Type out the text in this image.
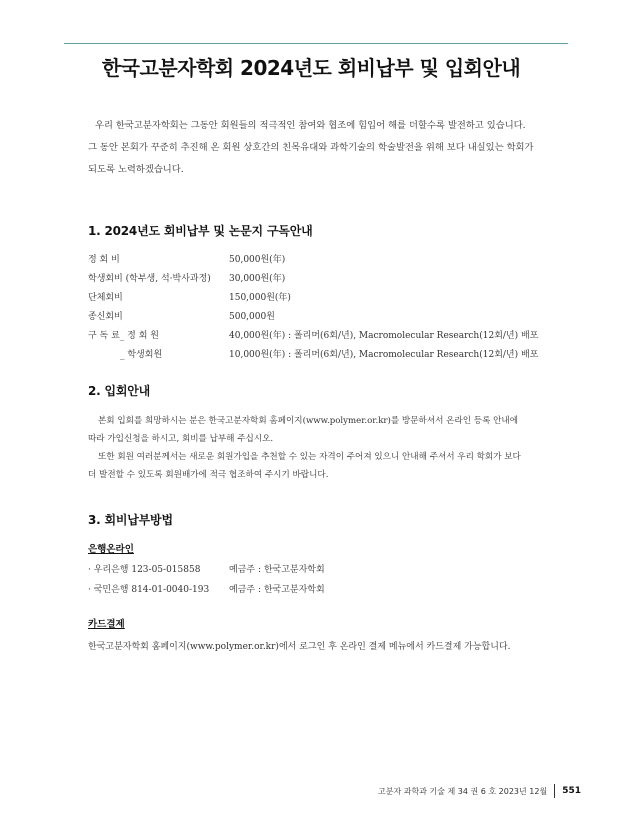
한국고분자학회 2024년도 회비납부 및 입회안내

우리 한국고분자학회는 그동안 회원들의 적극적인 참여와 협조에 힘입어 해를 더할수록 발전하고 있습니다.
그 동안 본회가 꾸준히 추진해 온 회원 상호간의 친목유대와 과학기술의 학술발전을 위해 보다 내실있는 학회가
되도록 노력하겠습니다.

1. 2024년도 회비납부 및 논문지 구독안내
정 회 비	50,000원(年)
학생회비 (학부생, 석·박사과정)	30,000원(年)
단체회비	150,000원(年)
종신회비	500,000원
구 독 료_ 정 회 원	40,000원(年) : 폴리머(6회/년), Macromolecular Research(12회/년) 배포
_ 학생회원	10,000원(年) : 폴리머(6회/년), Macromolecular Research(12회/년) 배포
2. 입회안내

본회 입회를 희망하시는 분은 한국고분자학회 홈페이지(www.polymer.or.kr)를 방문하셔서 온라인 등록 안내에
따라 가입신청을 하시고, 회비를 납부해 주십시오.
또한 회원 여러분께서는 새로운 회원가입을 추천할 수 있는 자격이 주어져 있으니 안내해 주셔서 우리 학회가 보다
더 발전할 수 있도록 회원배가에 적극 협조하여 주시기 바랍니다.

3. 회비납부방법
은행온라인
· 우리은행 123-05-015858	예금주 : 한국고분자학회
· 국민은행 814-01-0040-193 예금주 : 한국고분자학회
카드결제
한국고분자학회 홈페이지(www.polymer.or.kr)에서 로그인 후 온라인 결제 메뉴에서 카드결제 가능합니다.
고분자 과학과 기술 제 34 권 6 호 2023년 12월 551
